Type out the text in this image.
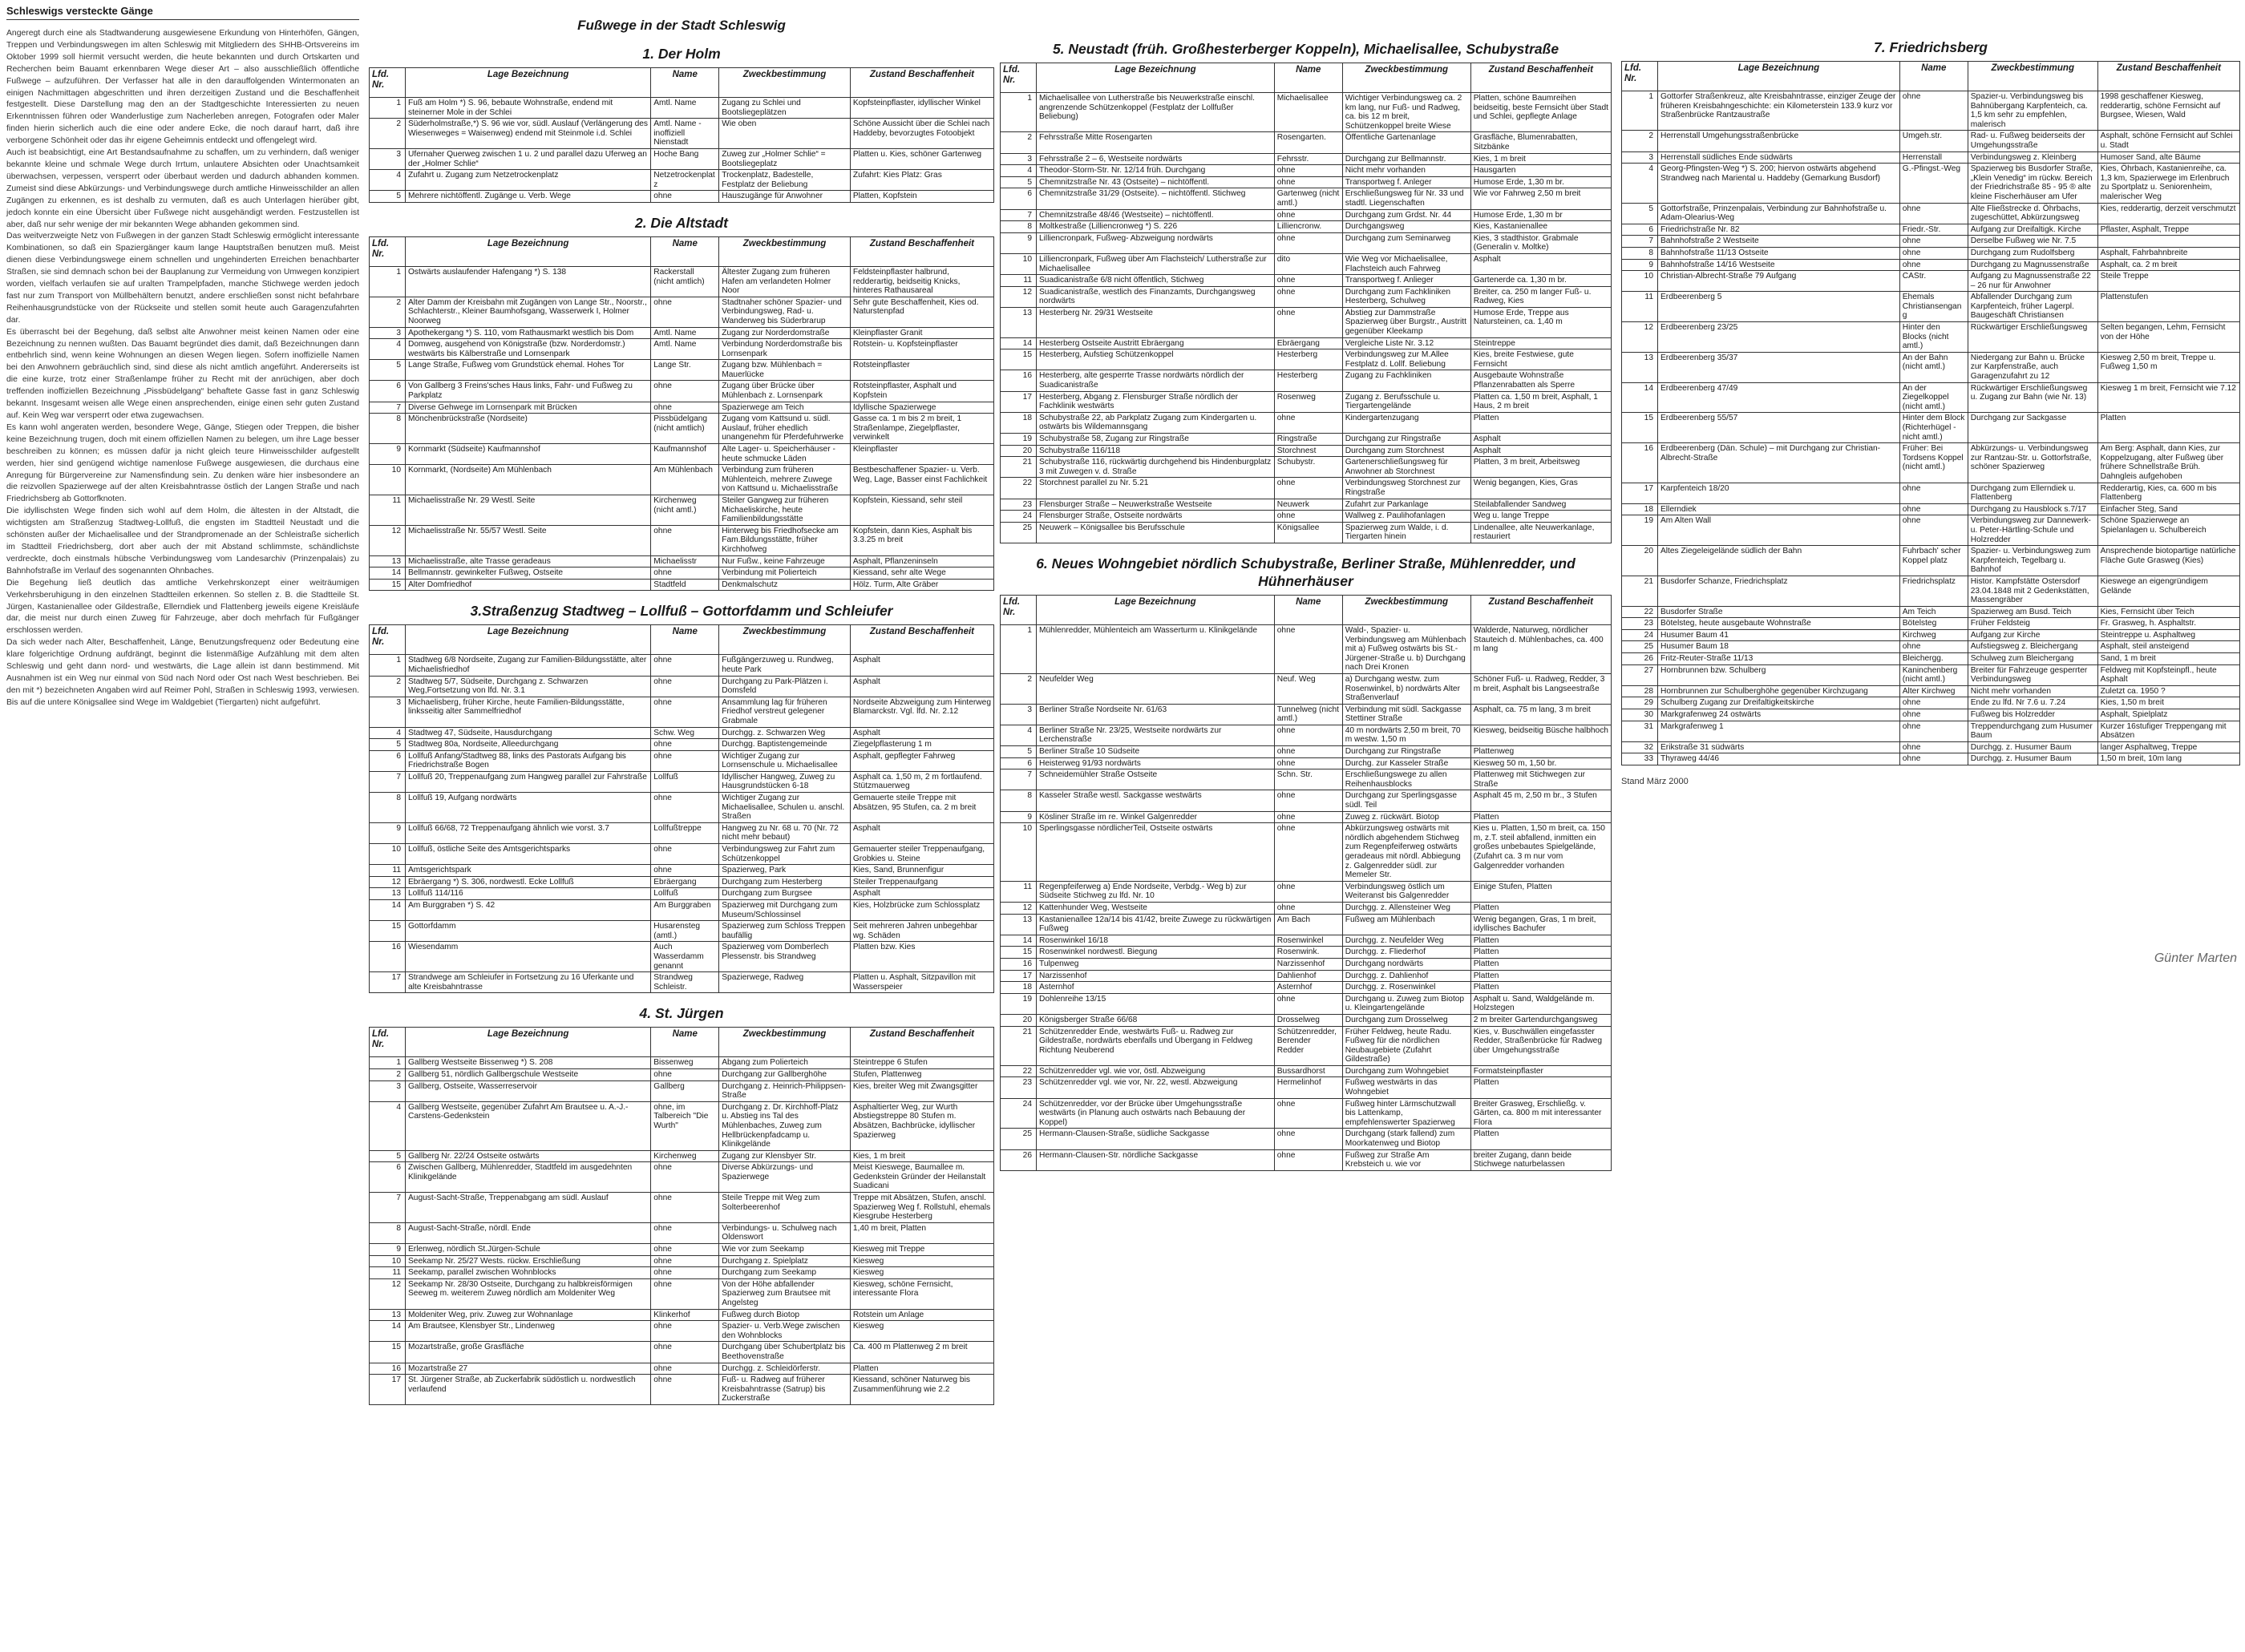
Schleswigs versteckte Gänge

Angeregt durch eine als Stadtwanderung ausgewiesene Erkundung von Hinterhöfen, Gängen, Treppen und Verbindungswegen im alten Schleswig mit Mitgliedern des SHHB-Ortsvereins im Oktober 1999 soll hiermit versucht werden, die heute bekannten und durch Ortskarten und Recherchen beim Bauamt erkennbaren Wege dieser Art – also ausschließlich öffentliche Fußwege – aufzuführen. Der Verfasser hat alle in den darauffolgenden Wintermonaten an einigen Nachmittagen abgeschritten und ihren derzeitigen Zustand und die Beschaffenheit festgestellt. Diese Darstellung mag den an der Stadtgeschichte Interessierten zu neuen Erkenntnissen führen oder Wanderlustige zum Nacherleben anregen, Fotografen oder Maler finden hierin sicherlich auch die eine oder andere Ecke, die noch darauf harrt, daß ihre verborgene Schönheit oder das ihr eigene Geheimnis entdeckt und offengelegt wird.

Auch ist beabsichtigt, eine Art Bestandsaufnahme zu schaffen, um zu verhindern, daß weniger bekannte kleine und schmale Wege durch Irrtum, unlautere Absichten oder Unachtsamkeit überwachsen, verpessen, versperrt oder überbaut werden und dadurch abhanden kommen. Zumeist sind diese Abkürzungs- und Verbindungswege durch amtliche Hinweisschilder an allen Zugängen zu erkennen, es ist deshalb zu vermuten, daß es auch Unterlagen hierüber gibt, jedoch konnte ein eine Übersicht über Fußwege nicht ausgehändigt werden. Festzustellen ist aber, daß nur sehr wenige der mir bekannten Wege abhanden gekommen sind.

Das weitverzweigte Netz von Fußwegen in der ganzen Stadt Schleswig ermöglicht interessante Kombinationen, so daß ein Spaziergänger kaum lange Hauptstraßen benutzen muß. Meist dienen diese Verbindungswege einem schnellen und ungehinderten Erreichen benachbarter Straßen, sie sind demnach schon bei der Bauplanung zur Vermeidung von Umwegen konzipiert worden, vielfach verlaufen sie auf uralten Trampelpfaden, manche Stichwege werden jedoch fast nur zum Transport von Müllbehältern benutzt, andere erschließen sonst nicht befahrbare Reihenhausgrundstücke von der Rückseite und stellen somit heute auch Garagenzufahrten dar.

Es überrascht bei der Begehung, daß selbst alte Anwohner meist keinen Namen oder eine Bezeichnung zu nennen wußten. Das Bauamt begründet dies damit, daß Bezeichnungen dann entbehrlich sind, wenn keine Wohnungen an diesen Wegen liegen. Sofern inoffizielle Namen bei den Anwohnern gebräuchlich sind, sind diese als nicht amtlich angeführt. Andererseits ist die eine kurze, trotz einer Straßenlampe früher zu Recht mit der anrüchigen, aber doch treffenden inoffiziellen Bezeichnung „Pissbüdelgang“ behaftete Gasse fast in ganz Schleswig bekannt. Insgesamt weisen alle Wege einen ansprechenden, einige einen sehr guten Zustand auf. Kein Weg war versperrt oder etwa zugewachsen.

Es kann wohl angeraten werden, besondere Wege, Gänge, Stiegen oder Treppen, die bisher keine Bezeichnung trugen, doch mit einem offiziellen Namen zu belegen, um ihre Lage besser beschreiben zu können; es müssen dafür ja nicht gleich teure Hinweisschilder aufgestellt werden, hier sind genügend wichtige namenlose Fußwege ausgewiesen, die durchaus eine Anregung für Bürgervereine zur Namensfindung sein. Zu denken wäre hier insbesondere an die reizvollen Spazierwege auf der alten Kreisbahntrasse östlich der Langen Straße und nach Friedrichsberg ab Gottorfknoten.

Die idyllischsten Wege finden sich wohl auf dem Holm, die ältesten in der Altstadt, die wichtigsten am Straßenzug Stadtweg-Lollfuß, die engsten im Stadtteil Neustadt und die schönsten außer der Michaelisallee und der Strandpromenade an der Schleistraße sicherlich im Stadtteil Friedrichsberg, dort aber auch der mit Abstand schlimmste, schändlichste verdreckte, doch einstmals hübsche Verbindungsweg vom Landesarchiv (Prinzenpalais) zu Bahnhofstraße im Verlauf des sogenannten Ohnbaches.

Die Begehung ließ deutlich das amtliche Verkehrskonzept einer weiträumigen Verkehrsberuhigung in den einzelnen Stadtteilen erkennen. So stellen z. B. die Stadtteile St. Jürgen, Kastanienallee oder Gildestraße, Ellerndiek und Flattenberg jeweils eigene Kreisläufe dar, die meist nur durch einen Zuweg für Fahrzeuge, aber doch mehrfach für Fußgänger erschlossen werden.

Da sich weder nach Alter, Beschaffenheit, Länge, Benutzungsfrequenz oder Bedeutung eine klare folgerichtige Ordnung aufdrängt, beginnt die listenmäßige Aufzählung mit dem alten Schleswig und geht dann nord- und westwärts, die Lage allein ist dann bestimmend. Mit Ausnahmen ist ein Weg nur einmal von Süd nach Nord oder Ost nach West beschrieben. Bei den mit *) bezeichneten Angaben wird auf Reimer Pohl, Straßen in Schleswig 1993, verwiesen. Bis auf die untere Königsallee sind Wege im Waldgebiet (Tiergarten) nicht aufgeführt.

Fußwege in der Stadt Schleswig
1. Der Holm
Lfd. Nr.	Lage Bezeichnung	Name	Zweckbestimmung	Zustand Beschaffenheit
1	Fuß am Holm *) S. 96, bebaute Wohnstraße, endend mit steinerner Mole in der Schlei	Amtl. Name	Zugang zu Schlei und Bootsliegeplätzen	Kopfsteinpflaster, idyllischer Winkel
2	Süderholmstraße,*) S. 96 wie vor, südl. Auslauf (Verlängerung des Wiesenweges = Waisenweg) endend mit Steinmole i.d. Schlei	Amtl. Name - inoffiziell Nienstadt	Wie oben	Schöne Aussicht über die Schlei nach Haddeby, bevorzugtes Fotoobjekt
3	Ufernaher Querweg zwischen 1 u. 2 und parallel dazu Uferweg an der „Holmer Schlie“	Hoche Bang	Zuweg zur „Holmer Schlie“ = Bootsliegeplatz	Platten u. Kies, schöner Gartenweg
4	Zufahrt u. Zugang zum Netzetrockenplatz	Netzetrockenplatz	Trockenplatz, Badestelle, Festplatz der Beliebung	Zufahrt: Kies Platz: Gras
5	Mehrere nichtöffentl. Zugänge u. Verb. Wege	ohne	Hauszugänge für Anwohner	Platten, Kopfstein
2. Die Altstadt
Lfd. Nr.	Lage Bezeichnung	Name	Zweckbestimmung	Zustand Beschaffenheit
1	Ostwärts auslaufender Hafengang *) S. 138	Rackerstall (nicht amtlich)	Ältester Zugang zum früheren Hafen am verlandeten Holmer Noor	Feldsteinpflaster halbrund, redderartig, beidseitig Knicks, hinteres Rathausareal
2	Alter Damm der Kreisbahn mit Zugängen von Lange Str., Noorstr., Schlachterstr., Kleiner Baumhofsgang, Wasserwerk I, Holmer Noorweg	ohne	Stadtnaher schöner Spazier- und Verbindungsweg, Rad- u. Wanderweg bis Süderbrarup	Sehr gute Beschaffenheit, Kies od. Naturstenpfad
3	Apothekergang *) S. 110, vom Rathausmarkt westlich bis Dom	Amtl. Name	Zugang zur Norderdomstraße	Kleinpflaster Granit
4	Domweg, ausgehend von Königstraße (bzw. Norderdomstr.) westwärts bis Kälberstraße und Lornsenpark	Amtl. Name	Verbindung Norderdomstraße bis Lornsenpark	Rotstein- u. Kopfsteinpflaster
5	Lange Straße, Fußweg vom Grundstück ehemal. Hohes Tor	Lange Str.	Zugang bzw. Mühlenbach = Mauerlücke	Rotsteinpflaster
6	Von Gallberg 3 Freins'sches Haus links, Fahr- und Fußweg zu Parkplatz	ohne	Zugang über Brücke über Mühlenbach z. Lornsenpark	Rotsteinpflaster, Asphalt und Kopfstein
7	Diverse Gehwege im Lornsenpark mit Brücken	ohne	Spazierwege am Teich	Idyllische Spazierwege
8	Mönchenbrückstraße (Nordseite)	Pissbüdelgang (nicht amtlich)	Zugang vom Kattsund u. südl. Auslauf, früher ehedlich unangenehm für Pferdefuhrwerke	Gasse ca. 1 m bis 2 m breit, 1 Straßenlampe, Ziegelpflaster, verwinkelt
9	Kornmarkt (Südseite) Kaufmannshof	Kaufmannshof	Alte Lager- u. Speicherhäuser - heute schmucke Läden	Kleinpflaster
10	Kornmarkt, (Nordseite) Am Mühlenbach	Am Mühlenbach	Verbindung zum früheren Mühlenteich, mehrere Zuwege von Kattsund u. Michaelisstraße	Bestbeschaffener Spazier- u. Verb. Weg, Lage, Basser einst Fachlichkeit
11	Michaelisstraße Nr. 29 Westl. Seite	Kirchenweg (nicht amtl.)	Steiler Gangweg zur früheren Michaeliskirche, heute Familienbildungsstätte	Kopfstein, Kiessand, sehr steil
12	Michaelisstraße Nr. 55/57 Westl. Seite	ohne	Hinterweg bis Friedhofsecke am Fam.Bildungsstätte, früher Kirchhofweg	Kopfstein, dann Kies, Asphalt bis 3.3.25 m breit
13	Michaelisstraße, alte Trasse geradeaus	Michaelisstr	Nur Fußw., keine Fahrzeuge	Asphalt, Pflanzeninseln
14	Bellmannstr. gewinkelter Fußweg, Ostseite	ohne	Verbindung mit Polierteich	Kiessand, sehr alte Wege
15	Alter Domfriedhof	Stadtfeld	Denkmalschutz	Hölz. Turm, Alte Gräber
3.Straßenzug Stadtweg – Lollfuß – Gottorfdamm und Schleiufer
Lfd. Nr.	Lage Bezeichnung	Name	Zweckbestimmung	Zustand Beschaffenheit
1	Stadtweg 6/8 Nordseite, Zugang zur Familien-Bildungsstätte, alter Michaelisfriedhof	ohne	Fußgängerzuweg u. Rundweg, heute Park	Asphalt
2	Stadtweg 5/7, Südseite, Durchgang z. Schwarzen Weg,Fortsetzung von lfd. Nr. 3.1	ohne	Durchgang zu Park-Plätzen i. Domsfeld	Asphalt
3	Michaelisberg, früher Kirche, heute Familien-Bildungsstätte, linksseitig alter Sammelfriedhof	ohne	Ansammlung lag für früheren Friedhof verstreut gelegener Grabmale	Nordseite Abzweigung zum Hinterweg Blamarckstr. Vgl. lfd. Nr. 2.12
4	Stadtweg 47, Südseite, Hausdurchgang	Schw. Weg	Durchgg. z. Schwarzen Weg	Asphalt
5	Stadtweg 80a, Nordseite, Alleedurchgang	ohne	Durchgg. Baptistengemeinde	Ziegelpflasterung 1 m
6	Lollfuß Anfang/Stadtweg 88, links des Pastorats Aufgang bis Friedrichstraße Bogen	ohne	Wichtiger Zugang zur Lornsenschule u. Michaelisallee	Asphalt, gepflegter Fahrweg
7	Lollfuß 20, Treppenaufgang zum Hangweg parallel zur Fahrstraße	Lollfuß	Idyllischer Hangweg, Zuweg zu Hausgrundstücken 6-18	Asphalt ca. 1,50 m, 2 m fortlaufend. Stützmauerweg
8	Lollfuß 19, Aufgang nordwärts	ohne	Wichtiger Zugang zur Michaelisallee, Schulen u. anschl. Straßen	Gemauerte steile Treppe mit Absätzen, 95 Stufen, ca. 2 m breit
9	Lollfuß 66/68, 72 Treppenaufgang ähnlich wie vorst. 3.7	Lollfußtreppe	Hangweg zu Nr. 68 u. 70 (Nr. 72 nicht mehr bebaut)	Asphalt
10	Lollfuß, östliche Seite des Amtsgerichtsparks	ohne	Verbindungsweg zur Fahrt zum Schützenkoppel	Gemauerter steiler Treppenaufgang, Grobkies u. Steine
11	Amtsgerichtspark	ohne	Spazierweg, Park	Kies, Sand, Brunnenfigur
12	Ebräergang *) S. 306, nordwestl. Ecke Lollfuß	Ebräergang	Durchgang zum Hesterberg	Steiler Treppenaufgang
13	Lollfuß 114/116	Lollfuß	Durchgang zum Burgsee	Asphalt
14	Am Burggraben *) S. 42	Am Burggraben	Spazierweg mit Durchgang zum Museum/Schlossinsel	Kies, Holzbrücke zum Schlossplatz
15	Gottorfdamm	Husarensteg (amtl.)	Spazierweg zum Schloss Treppen baufällig	Seit mehreren Jahren unbegehbar wg. Schäden
16	Wiesendamm	Auch Wasserdamm genannt	Spazierweg vom Domberlech Plessenstr. bis Strandweg	Platten bzw. Kies
17	Strandwege am Schleiufer in Fortsetzung zu 16 Uferkante und alte Kreisbahntrasse	Strandweg Schleistr.	Spazierwege, Radweg	Platten u. Asphalt, Sitzpavillon mit Wasserspeier
4. St. Jürgen
Lfd. Nr.	Lage Bezeichnung	Name	Zweckbestimmung	Zustand Beschaffenheit
1	Gallberg Westseite Bissenweg *) S. 208	Bissenweg	Abgang zum Polierteich	Steintreppe 6 Stufen
2	Gallberg 51, nördlich Gallbergschule Westseite	ohne	Durchgang zur Gallberghöhe	Stufen, Plattenweg
3	Gallberg, Ostseite, Wasserreservoir	Gallberg	Durchgang z. Heinrich-Philippsen-Straße	Kies, breiter Weg mit Zwangsgitter
4	Gallberg Westseite, gegenüber Zufahrt Am Brautsee u. A.-J.- Carstens-Gedenkstein	ohne, im Talbereich "Die Wurth"	Durchgang z. Dr. Kirchhoff-Platz u. Abstieg ins Tal des Mühlenbaches, Zuweg zum Hellbrückenpfadcamp u. Klinikgelände	Asphaltierter Weg, zur Wurth Abstiegstreppe 80 Stufen m. Absätzen, Bachbrücke, idyllischer Spazierweg
5	Gallberg Nr. 22/24 Ostseite ostwärts	Kirchenweg	Zugang zur Klensbyer Str.	Kies, 1 m breit
6	Zwischen Gallberg, Mühlenredder, Stadtfeld im ausgedehnten Klinikgelände	ohne	Diverse Abkürzungs- und Spazierwege	Meist Kieswege, Baumallee m. Gedenkstein Gründer der Heilanstalt Suadicani
7	August-Sacht-Straße, Treppenabgang am südl. Auslauf	ohne	Steile Treppe mit Weg zum Solterbeerenhof	Treppe mit Absätzen, Stufen, anschl. Spazierweg Weg f. Rollstuhl, ehemals Kiesgrube Hesterberg
8	August-Sacht-Straße, nördl. Ende	ohne	Verbindungs- u. Schulweg nach Oldenswort	1,40 m breit, Platten
9	Erlenweg, nördlich St.Jürgen-Schule	ohne	Wie vor zum Seekamp	Kiesweg mit Treppe
10	Seekamp Nr. 25/27 Wests. rückw. Erschließung	ohne	Durchgang z. Spielplatz	Kiesweg
11	Seekamp, parallel zwischen Wohnblocks	ohne	Durchgang zum Seekamp	Kiesweg
12	Seekamp Nr. 28/30 Ostseite, Durchgang zu halbkreisförmigen Seeweg m. weiterem Zuweg nördlich am Moldeniter Weg	ohne	Von der Höhe abfallender Spazierweg zum Brautsee mit Angelsteg	Kiesweg, schöne Fernsicht, interessante Flora
13	Moldeniter Weg, priv. Zuweg zur Wohnanlage	Klinkerhof	Fußweg durch Biotop	Rotstein um Anlage
14	Am Brautsee, Klensbyer Str., Lindenweg	ohne	Spazier- u. Verb.Wege zwischen den Wohnblocks	Kiesweg
15	Mozartstraße, große Grasfläche	ohne	Durchgang über Schubertplatz bis Beethovenstraße	Ca. 400 m Plattenweg 2 m breit
16	Mozartstraße 27	ohne	Durchgg. z. Schleidörferstr.	Platten
17	St. Jürgener Straße, ab Zuckerfabrik südöstlich u. nordwestlich verlaufend	ohne	Fuß- u. Radweg auf früherer Kreisbahntrasse (Satrup) bis Zuckerstraße	Kiessand, schöner Naturweg bis Zusammenführung wie 2.2
5. Neustadt (früh. Großhesterberger Koppeln), Michaelisallee, Schubystraße
Lfd. Nr.	Lage Bezeichnung	Name	Zweckbestimmung	Zustand Beschaffenheit
1	Michaelisallee von Lutherstraße bis Neuwerkstraße einschl. angrenzende Schützenkoppel (Festplatz der Lollfußer Beliebung)	Michaelisallee	Wichtiger Verbindungsweg ca. 2 km lang, nur Fuß- und Radweg, ca. bis 12 m breit, Schützenkoppel breite Wiese	Platten, schöne Baumreihen beidseitig, beste Fernsicht über Stadt und Schlei, gepflegte Anlage
2	Fehrsstraße Mitte Rosengarten	Rosengarten.	Öffentliche Gartenanlage	Grasfläche, Blumenrabatten, Sitzbänke
3	Fehrsstraße 2 – 6, Westseite nordwärts	Fehrsstr.	Durchgang zur Bellmannstr.	Kies, 1 m breit
4	Theodor-Storm-Str. Nr. 12/14 früh. Durchgang	ohne	Nicht mehr vorhanden	Hausgarten
5	Chemnitzstraße Nr. 43 (Ostseite) – nichtöffentl.	ohne	Transportweg f. Anleger	Humose Erde, 1,30 m br.
6	Chemnitzstraße 31/29 (Ostseite). – nichtöffentl. Stichweg	Gartenweg (nicht amtl.)	Erschließungsweg für Nr. 33 und stadtl. Liegenschaften	Wie vor Fahrweg 2,50 m breit
7	Chemnitzstraße 48/46 (Westseite) – nichtöffentl.	ohne	Durchgang zum Grdst. Nr. 44	Humose Erde, 1,30 m br
8	Moltkestraße (Lilliencronweg *) S. 226	Lilliencronw.	Durchgangsweg	Kies, Kastanienallee
9	Lilliencronpark, Fußweg- Abzweigung nordwärts	ohne	Durchgang zum Seminarweg	Kies, 3 stadthistor. Grabmale (Generalin v. Moltke)
10	Lilliencronpark, Fußweg über Am Flachsteich/ Lutherstraße zur Michaelisallee	dito	Wie Weg vor Michaelisallee, Flachsteich auch Fahrweg	Asphalt
11	Suadicanistraße 6/8 nicht öffentlich, Stichweg	ohne	Transportweg f. Anlieger	Gartenerde ca. 1,30 m br.
12	Suadicanistraße, westlich des Finanzamts, Durchgangsweg nordwärts	ohne	Durchgang zum Fachkliniken Hesterberg, Schulweg	Breiter, ca. 250 m langer Fuß- u. Radweg, Kies
13	Hesterberg Nr. 29/31 Westseite	ohne	Abstieg zur Dammstraße Spazierweg über Burgstr., Austritt gegenüber Kleekamp	Humose Erde, Treppe aus Natursteinen, ca. 1,40 m
14	Hesterberg Ostseite Austritt Ebräergang	Ebräergang	Vergleiche Liste Nr. 3.12	Steintreppe
15	Hesterberg, Aufstieg Schützenkoppel	Hesterberg	Verbindungsweg zur M.Allee Festplatz d. Lollf. Beliebung	Kies, breite Festwiese, gute Fernsicht
16	Hesterberg, alte gesperrte Trasse nordwärts nördlich der Suadicanistraße	Hesterberg	Zugang zu Fachkliniken	Ausgebaute Wohnstraße Pflanzenrabatten als Sperre
17	Hesterberg, Abgang z. Flensburger Straße nördlich der Fachklinik westwärts	Rosenweg	Zugang z. Berufsschule u. Tiergartengelände	Platten ca. 1,50 m breit, Asphalt, 1 Haus, 2 m breit
18	Schubystraße 22, ab Parkplatz Zugang zum Kindergarten u. ostwärts bis Wildemannsgang	ohne	Kindergartenzugang	Platten
19	Schubystraße 58, Zugang zur Ringstraße	Ringstraße	Durchgang zur Ringstraße	Asphalt
20	Schubystraße 116/118	Storchnest	Durchgang zum Storchnest	Asphalt
21	Schubystraße 116, rückwärtig durchgehend bis Hindenburgplatz 3 mit Zuwegen v. d. Straße	Schubystr.	Gartenerschließungsweg für Anwohner ab Storchnest	Platten, 3 m breit, Arbeitsweg
22	Storchnest parallel zu Nr. 5.21	ohne	Verbindungsweg Storchnest zur Ringstraße	Wenig begangen, Kies, Gras
23	Flensburger Straße – Neuwerkstraße Westseite	Neuwerk	Zufahrt zur Parkanlage	Steilabfallender Sandweg
24	Flensburger Straße, Ostseite nordwärts	ohne	Wallweg z. Paulihofanlagen	Weg u. lange Treppe
25	Neuwerk – Königsallee bis Berufsschule	Königsallee	Spazierweg zum Walde, i. d. Tiergarten hinein	Lindenallee, alte Neuwerkanlage, restauriert
6. Neues Wohngebiet nördlich Schubystraße, Berliner Straße, Mühlenredder, und Hühnerhäuser
Lfd. Nr.	Lage Bezeichnung	Name	Zweckbestimmung	Zustand Beschaffenheit
1	Mühlenredder, Mühlenteich am Wasserturm u. Klinikgelände	ohne	Wald-, Spazier- u. Verbindungsweg am Mühlenbach mit a) Fußweg ostwärts bis St.-Jürgener-Straße u. b) Durchgang nach Drei Kronen	Walderde, Naturweg, nördlicher Stauteich d. Mühlenbaches, ca. 400 m lang
2	Neufelder Weg	Neuf. Weg	a) Durchgang westw. zum Rosenwinkel, b) nordwärts Alter Straßenverlauf	Schöner Fuß- u. Radweg, Redder, 3 m breit, Asphalt bis Langseestraße
3	Berliner Straße Nordseite Nr. 61/63	Tunnelweg (nicht amtl.)	Verbindung mit südl. Sackgasse Stettiner Straße	Asphalt, ca. 75 m lang, 3 m breit
4	Berliner Straße Nr. 23/25, Westseite nordwärts zur Lerchenstraße	ohne	40 m nordwärts 2,50 m breit, 70 m westw. 1,50 m	Kiesweg, beidseitig Büsche halbhoch
5	Berliner Straße 10 Südseite	ohne	Durchgang zur Ringstraße	Plattenweg
6	Heisterweg 91/93 nordwärts	ohne	Durchg. zur Kasseler Straße	Kiesweg 50 m, 1,50 br.
7	Schneidemühler Straße Ostseite	Schn. Str.	Erschließungswege zu allen Reihenhausblocks	Plattenweg mit Stichwegen zur Straße
8	Kasseler Straße westl. Sackgasse westwärts	ohne	Durchgang zur Sperlingsgasse südl. Teil	Asphalt 45 m, 2,50 m br., 3 Stufen
9	Kösliner Straße im re. Winkel Galgenredder	ohne	Zuweg z. rückwärt. Biotop	Platten
10	Sperlingsgasse nördlicherTeil, Ostseite ostwärts	ohne	Abkürzungsweg ostwärts mit nördlich abgehendem Stichweg zum Regenpfeiferweg ostwärts geradeaus mit nördl. Abbiegung z. Galgenredder südl. zur Memeler Str.	Kies u. Platten, 1,50 m breit, ca. 150 m, z.T. steil abfallend, inmitten ein großes unbebautes Spielgelände, (Zufahrt ca. 3 m nur vom Galgenredder vorhanden
11	Regenpfeiferweg a) Ende Nordseite, Verbdg.- Weg b) zur Südseite Stichweg zu lfd. Nr. 10	ohne	Verbindungsweg östlich um Weiteranst bis Galgenredder	Einige Stufen, Platten
12	Kattenhunder Weg, Westseite	ohne	Durchgg. z. Allensteiner Weg	Platten
13	Kastanienallee 12a/14 bis 41/42, breite Zuwege zu rückwärtigen Fußweg	Am Bach	Fußweg am Mühlenbach	Wenig begangen, Gras, 1 m breit, idyllisches Bachufer
14	Rosenwinkel 16/18	Rosenwinkel	Durchgg. z. Neufelder Weg	Platten
15	Rosenwinkel nordwestl. Biegung	Rosenwink.	Durchgg. z. Fliederhof	Platten
16	Tulpenweg	Narzissenhof	Durchgang nordwärts	Platten
17	Narzissenhof	Dahlienhof	Durchgg. z. Dahlienhof	Platten
18	Asternhof	Asternhof	Durchgg. z. Rosenwinkel	Platten
19	Dohlenreihe 13/15	ohne	Durchgang u. Zuweg zum Biotop u. Kleingartengelände	Asphalt u. Sand, Waldgelände m. Holzstegen
20	Königsberger Straße 66/68	Drosselweg	Durchgang zum Drosselweg	2 m breiter Gartendurchgangsweg
21	Schützenredder Ende, westwärts Fuß- u. Radweg zur Gildestraße, nordwärts ebenfalls und Übergang in Feldweg Richtung Neuberend	Schützenredder, Berender Redder	Früher Feldweg, heute Radu. Fußweg für die nördlichen Neubaugebiete (Zufahrt Gildestraße)	Kies, v. Buschwällen eingefasster Redder, Straßenbrücke für Radweg über Umgehungsstraße
22	Schützenredder vgl. wie vor, östl. Abzweigung	Bussardhorst	Durchgang zum Wohngebiet	Formatsteinpflaster
23	Schützenredder vgl. wie vor, Nr. 22, westl. Abzweigung	Hermelinhof	Fußweg westwärts in das Wohngebiet	Platten
24	Schützenredder, vor der Brücke über Umgehungsstraße westwärts (in Planung auch ostwärts nach Bebauung der Koppel)	ohne	Fußweg hinter Lärmschutzwall bis Lattenkamp, empfehlenswerter Spazierweg	Breiter Grasweg, Erschließg. v. Gärten, ca. 800 m mit interessanter Flora
25	Hermann-Clausen-Straße, südliche Sackgasse	ohne	Durchgang (stark fallend) zum Moorkatenweg und Biotop	Platten
26	Hermann-Clausen-Str. nördliche Sackgasse	ohne	Fußweg zur Straße Am Krebsteich u. wie vor	breiter Zugang, dann beide Stichwege naturbelassen
7. Friedrichsberg
Lfd. Nr.	Lage Bezeichnung	Name	Zweckbestimmung	Zustand Beschaffenheit
1	Gottorfer Straßenkreuz, alte Kreisbahntrasse, einziger Zeuge der früheren Kreisbahngeschichte: ein Kilometerstein 133.9 kurz vor Straßenbrücke Rantzaustraße	ohne	Spazier-u. Verbindungsweg bis Bahnübergang Karpfenteich, ca. 1,5 km sehr zu empfehlen, malerisch	1998 geschaffener Kiesweg, redderartig, schöne Fernsicht auf Burgsee, Wiesen, Wald
2	Herrenstall Umgehungsstraßenbrücke	Umgeh.str.	Rad- u. Fußweg beiderseits der Umgehungsstraße	Asphalt, schöne Fernsicht auf Schlei u. Stadt
3	Herrenstall südliches Ende südwärts	Herrenstall	Verbindungsweg z. Kleinberg	Humoser Sand, alte Bäume
4	Georg-Pfingsten-Weg *) S. 200; hiervon ostwärts abgehend Strandweg nach Mariental u. Haddeby (Gemarkung Busdorf)	G.-Pfingst.-Weg	Spazierweg bis Busdorfer Straße, „Klein Venedig“ im rückw. Bereich der Friedrichstraße 85 - 95 ® alte kleine Fischerhäuser am Ufer	Kies, Öhrbach, Kastanienreihe, ca. 1,3 km, Spazierwege im Erlenbruch zu Sportplatz u. Seniorenheim, malerischer Weg
5	Gottorfstraße, Prinzenpalais, Verbindung zur Bahnhofstraße u. Adam-Olearius-Weg	ohne	Alte Fließstrecke d. Öhrbachs, zugeschüttet, Abkürzungsweg	Kies, redderartig, derzeit verschmutzt
6	Friedrichstraße Nr. 82	Friedr.-Str.	Aufgang zur Dreifaltigk. Kirche	Pflaster, Asphalt, Treppe
7	Bahnhofstraße 2 Westseite	ohne	Derselbe Fußweg wie Nr. 7.5	
8	Bahnhofstraße 11/13 Ostseite	ohne	Durchgang zum Rudolfsberg	Asphalt, Fahrbahnbreite
9	Bahnhofstraße 14/16 Westseite	ohne	Durchgang zu Magnussenstraße	Asphalt, ca. 2 m breit
10	Christian-Albrecht-Straße 79 Aufgang	CAStr.	Aufgang zu Magnussenstraße 22 – 26 nur für Anwohner	Steile Treppe
11	Erdbeerenberg 5	Ehemals Christiansengang	Abfallender Durchgang zum Karpfenteich, früher Lagerpl. Baugeschäft Christiansen	Plattenstufen
12	Erdbeerenberg 23/25	Hinter den Blocks (nicht amtl.)	Rückwärtiger Erschließungsweg	Selten begangen, Lehm, Fernsicht von der Höhe
13	Erdbeerenberg 35/37	An der Bahn (nicht amtl.)	Niedergang zur Bahn u. Brücke zur Karpfenstraße, auch Garagenzufahrt zu 12	Kiesweg 2,50 m breit, Treppe u. Fußweg 1,50 m
14	Erdbeerenberg 47/49	An der Ziegelkoppel (nicht amtl.)	Rückwärtiger Erschließungsweg u. Zugang zur Bahn (wie Nr. 13)	Kiesweg 1 m breit, Fernsicht wie 7.12
15	Erdbeerenberg 55/57	Hinter dem Block (Richterhügel - nicht amtl.)	Durchgang zur Sackgasse	Platten
16	Erdbeerenberg (Dän. Schule) – mit Durchgang zur Christian-Albrecht-Straße	Früher: Bei Tordsens Koppel (nicht amtl.)	Abkürzungs- u. Verbindungsweg zur Rantzau-Str. u. Gottorfstraße, schöner Spazierweg	Am Berg: Asphalt, dann Kies, zur Koppelzugang, alter Fußweg über frühere Schnellstraße Brüh. Dahngleis aufgehoben
17	Karpfenteich 18/20	ohne	Durchgang zum Ellerndiek u. Flattenberg	Redderartig, Kies, ca. 600 m bis Flattenberg
18	Ellerndiek	ohne	Durchgang zu Hausblock s.7/17	Einfacher Steg, Sand
19	Am Alten Wall	ohne	Verbindungsweg zur Dannewerk-u. Peter-Härtling-Schule und Holzredder	Schöne Spazierwege an Spielanlagen u. Schulbereich
20	Altes Ziegeleigelände südlich der Bahn	Fuhrbach' scher Koppel platz	Spazier- u. Verbindungsweg zum Karpfenteich, Tegelbarg u. Bahnhof	Ansprechende biotopartige natürliche Fläche Gute Grasweg (Kies)
21	Busdorfer Schanze, Friedrichsplatz	Friedrichsplatz	Histor. Kampfstätte Ostersdorf 23.04.1848 mit 2 Gedenkstätten, Massengräber	Kieswege an eigengründigem Gelände
22	Busdorfer Straße	Am Teich	Spazierweg am Busd. Teich	Kies, Fernsicht über Teich
23	Bötelsteg, heute ausgebaute Wohnstraße	Bötelsteg	Früher Feldsteig	Fr. Grasweg, h. Asphaltstr.
24	Husumer Baum 41	Kirchweg	Aufgang zur Kirche	Steintreppe u. Asphaltweg
25	Husumer Baum 18	ohne	Aufstiegsweg z. Bleichergang	Asphalt, steil ansteigend
26	Fritz-Reuter-Straße 11/13	Bleichergg.	Schulweg zum Bleichergang	Sand, 1 m breit
27	Hornbrunnen bzw. Schulberg	Kaninchenberg (nicht amtl.)	Breiter für Fahrzeuge gesperrter Verbindungsweg	Feldweg mit Kopfsteinpfl., heute Asphalt
28	Hornbrunnen zur Schulberghöhe gegenüber Kirchzugang	Alter Kirchweg	Nicht mehr vorhanden	Zuletzt ca. 1950 ?
29	Schulberg Zugang zur Dreifaltigkeitskirche	ohne	Ende zu lfd. Nr 7.6 u. 7.24	Kies, 1,50 m breit
30	Markgrafenweg 24 ostwärts	ohne	Fußweg bis Holzredder	Asphalt, Spielplatz
31	Markgrafenweg 1	ohne	Treppendurchgang zum Husumer Baum	Kurzer 16stufiger Treppengang mit Absätzen
32	Erikstraße 31 südwärts	ohne	Durchgg. z. Husumer Baum	langer Asphaltweg, Treppe
33	Thyraweg 44/46	ohne	Durchgg. z. Husumer Baum	1,50 m breit, 10m lang
Stand März 2000
Günter Marten
